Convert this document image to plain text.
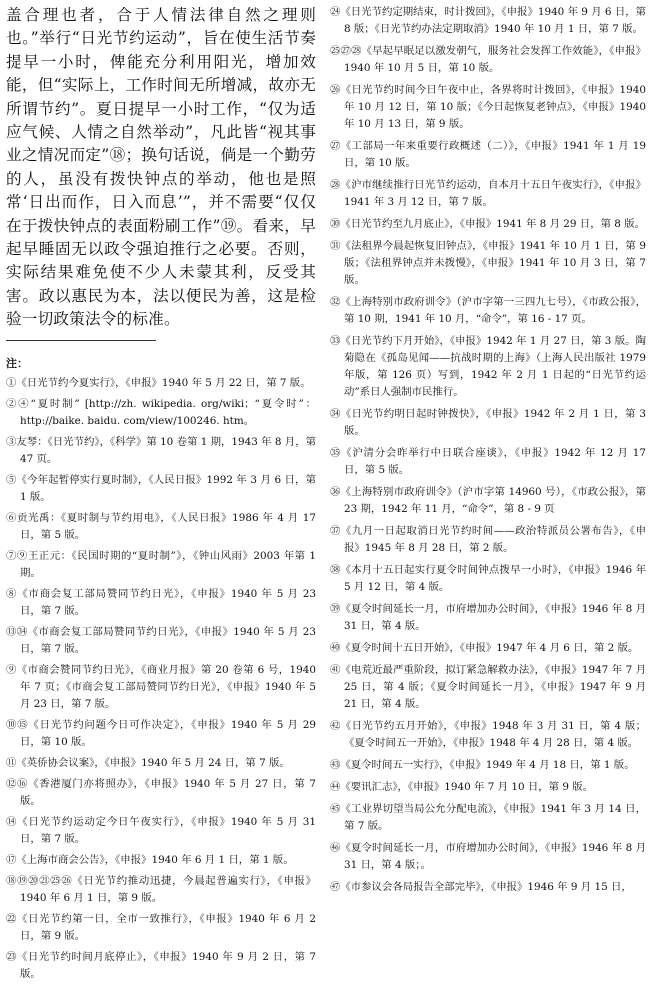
盖合理也者，合于人情法律自然之理则也。”举行“日光节约运动”，旨在使生活节奏提早一小时，俾能充分利用阳光，增加效能，但“实际上，工作时间无所增减，故亦无所谓节约”。夏日提早一小时工作，“仅为适应气候、人情之自然举动”，凡此皆“视其事业之情况而定”⑱；换句话说，倘是一个勤劳的人，虽没有拨快钟点的举动，他也是照常‘日出而作，日入而息’”，并不需要“仅仅在于拨快钟点的表面粉刷工作”⑲。看来，早起早睡固无以政令强迫推行之必要。否则，实际结果难免使不少人未蒙其利，反受其害。政以惠民为本，法以便民为善，这是检验一切政策法令的标准。

注：
①《日光节约今夏实行》，《申报》1940 年 5 月 22 日，第 7 版。
②④“夏时制” [http://zh. wikipedia. org/wiki；“夏令时”：http://baike. baidu. com/view/100246. htm。
③友琴：《日光节约》，《科学》第 10 卷第 1 期，1943 年 8 月，第 47 页。
⑤《今年起暂停实行夏时制》，《人民日报》1992 年 3 月 6 日，第 1 版。
⑥贡光禹：《夏时制与节约用电》，《人民日报》1986 年 4 月 17 日，第 5 版。
⑦⑨王正元：《民国时期的“夏时制”》，《钟山风雨》2003 年第 1 期。
⑧《市商会复工部局赞同节约日光》，《申报》1940 年 5 月 23 日，第 7 版。
⑬㉞《市商会复工部局赞同节约日光》，《申报》1940 年 5 月 23 日，第 7 版。
⑨《市商会赞同节约日光》，《商业月报》第 20 卷第 6 号，1940 年 7 页；《市商会复工部局赞同节约日光》，《申报》1940 年 5 月 23 日，第 7 版。
⑩⑮《日光节约问题今日可作决定》，《申报》1940 年 5 月 29 日，第 10 版。
⑪《英侨协会议案》，《申报》1940 年 5 月 24 日，第 7 版。
⑫⑯《香港厦门亦将照办》，《申报》1940 年 5 月 27 日，第 7 版。
⑭《日光节约运动定今日午夜实行》，《申报》1940 年 5 月 31 日，第 7 版。
⑰《上海市商会公告》，《申报》1940 年 6 月 1 日，第 1 版。
⑱⑲⑳㉑㉕㉖《日光节约推动迅捷，今晨起普遍实行》，《申报》1940 年 6 月 1 日，第 9 版。
㉒《日光节约第一日，全市一致推行》，《申报》1940 年 6 月 2 日，第 9 版。
㉓《日光节约时间月底停止》，《申报》1940 年 9 月 2 日，第 7 版。
㉔《日光节约定期结束，时计拨回》，《申报》1940 年 9 月 6 日，第 8 版；《日光节约办法定期取消》1940 年 10 月 1 日，第 7 版。
㉕㉗㉘《早起早眠足以激发朝气，服务社会发挥工作效能》，《申报》1940 年 10 月 5 日，第 10 版。
㉖《日光节约时间今日午夜中止，各界将时计拨回》，《申报》1940 年 10 月 12 日，第 10 版；《今日起恢复老钟点》，《申报》1940 年 10 月 13 日，第 9 版。
㉗《工部局一年来重要行政概述（二）》，《申报》1941 年 1 月 19 日，第 10 版。
㉘《沪市继续推行日光节约运动，自本月十五日午夜实行》，《申报》1941 年 3 月 12 日，第 7 版。
㉚《日光节约至九月底止》，《申报》1941 年 8 月 29 日，第 8 版。
㉛《法租界今晨起恢复旧钟点》，《申报》1941 年 10 月 1 日，第 9 版；《法租界钟点并未拨慢》，《申报》1941 年 10 月 3 日，第 7 版。
㉜《上海特别市政府训令》（沪市字第一三四九七号），《市政公报》，第 10 期，1941 年 10 月，“命令”，第 16 - 17 页。
㉝《日光节约下月开始》，《申报》1942 年 1 月 27 日，第 3 版。陶菊隐在《孤岛见闻——抗战时期的上海》（上海人民出版社 1979 年版，第 126 页）写到，1942 年 2 月 1 日起的“日光节约运动”系日人强制市民推行。
㉞《日光节约明日起时钟拨快》，《申报》1942 年 2 月 1 日，第 3 版。
㉟《沪清分会昨举行中日联合座谈》，《申报》1942 年 12 月 17 日，第 5 版。
㊱《上海特别市政府训令》（沪市字第 14960 号），《市政公报》，第 23 期，1942 年 11 月，“命令”，第 8 - 9 页
㊲《九月一日起取消日光节约时间——政治特派员公署布告》，《申报》1945 年 8 月 28 日，第 2 版。
㊳《本月十五日起实行夏令时间钟点拨早一小时》，《申报》1946 年 5 月 12 日，第 4 版。
㊴《夏令时间延长一月，市府增加办公时间》，《申报》1946 年 8 月 31 日，第 4 版。
㊵《夏令时间十五日开始》，《申报》1947 年 4 月 6 日，第 2 版。
㊶《电荒近最严重阶段，拟订紧急解救办法》，《申报》1947 年 7 月 25 日，第 4 版；《夏令时间延长一月》，《申报》1947 年 9 月 21 日，第 4 版。
㊷《日光节约五月开始》，《申报》1948 年 3 月 31 日，第 4 版；《夏令时间五一开始》，《申报》1948 年 4 月 28 日，第 4 版。
㊸《夏令时间五一实行》，《申报》1949 年 4 月 18 日，第 1 版。
㊹《要讯汇志》，《申报》1940 年 7 月 10 日，第 9 版。
㊺《工业界切望当局公允分配电流》，《申报》1941 年 3 月 14 日，第 7 版。
㊻《夏令时间延长一月，市府增加办公时间》，《申报》1946 年 8 月 31 日，第 4 版；。
㊼《市参议会各局报告全部完毕》，《申报》1946 年 9 月 15 日，
